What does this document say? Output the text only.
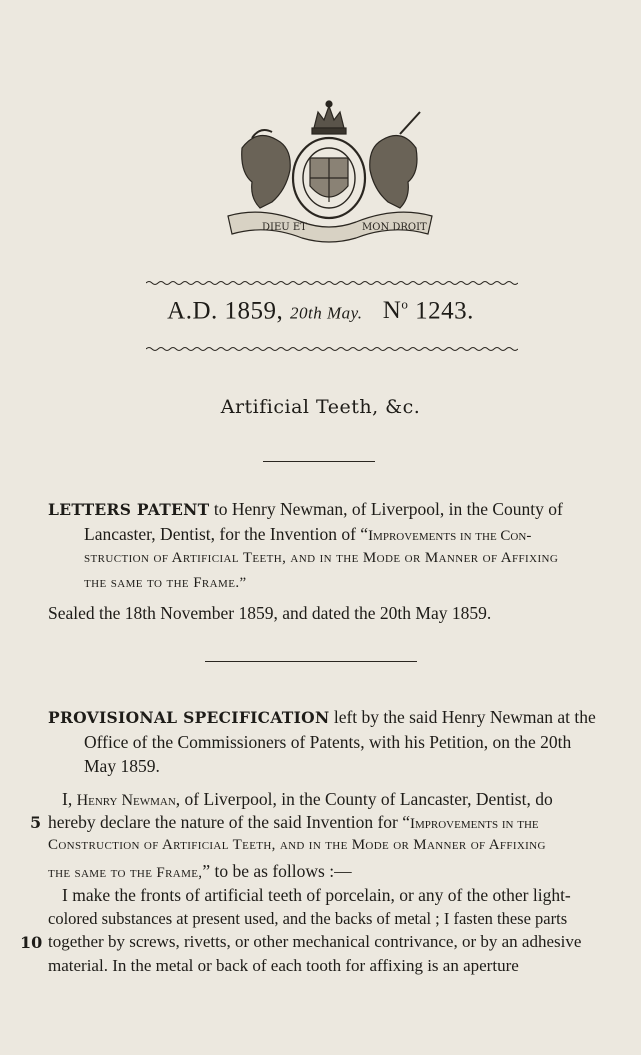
DIEU ET	MON DROIT
A.D. 1859, 20th May. $N^o$ 1243.
Artificial Teeth, &c.
LETTERS PATENT to Henry Newman, of Liverpool, in the County of
Lancaster, Dentist, for the Invention of “Improvements in the Con-
struction of Artificial Teeth, and in the Mode or Manner of Affixing
the same to the Frame.”
Sealed the 18th November 1859, and dated the 20th May 1859.
PROVISIONAL SPECIFICATION left by the said Henry Newman at the
Office of the Commissioners of Patents, with his Petition, on the 20th
May 1859.
I, Henry Newman, of Liverpool, in the County of Lancaster, Dentist, do
5 hereby declare the nature of the said Invention for “Improvements in the
Construction of Artificial Teeth, and in the Mode or Manner of Affixing
the same to the Frame,” to be as follows :—
I make the fronts of artificial teeth of porcelain, or any of the other light-
colored substances at present used, and the backs of metal ; I fasten these parts
10 together by screws, rivetts, or other mechanical contrivance, or by an adhesive
material. In the metal or back of each tooth for affixing is an aperture
